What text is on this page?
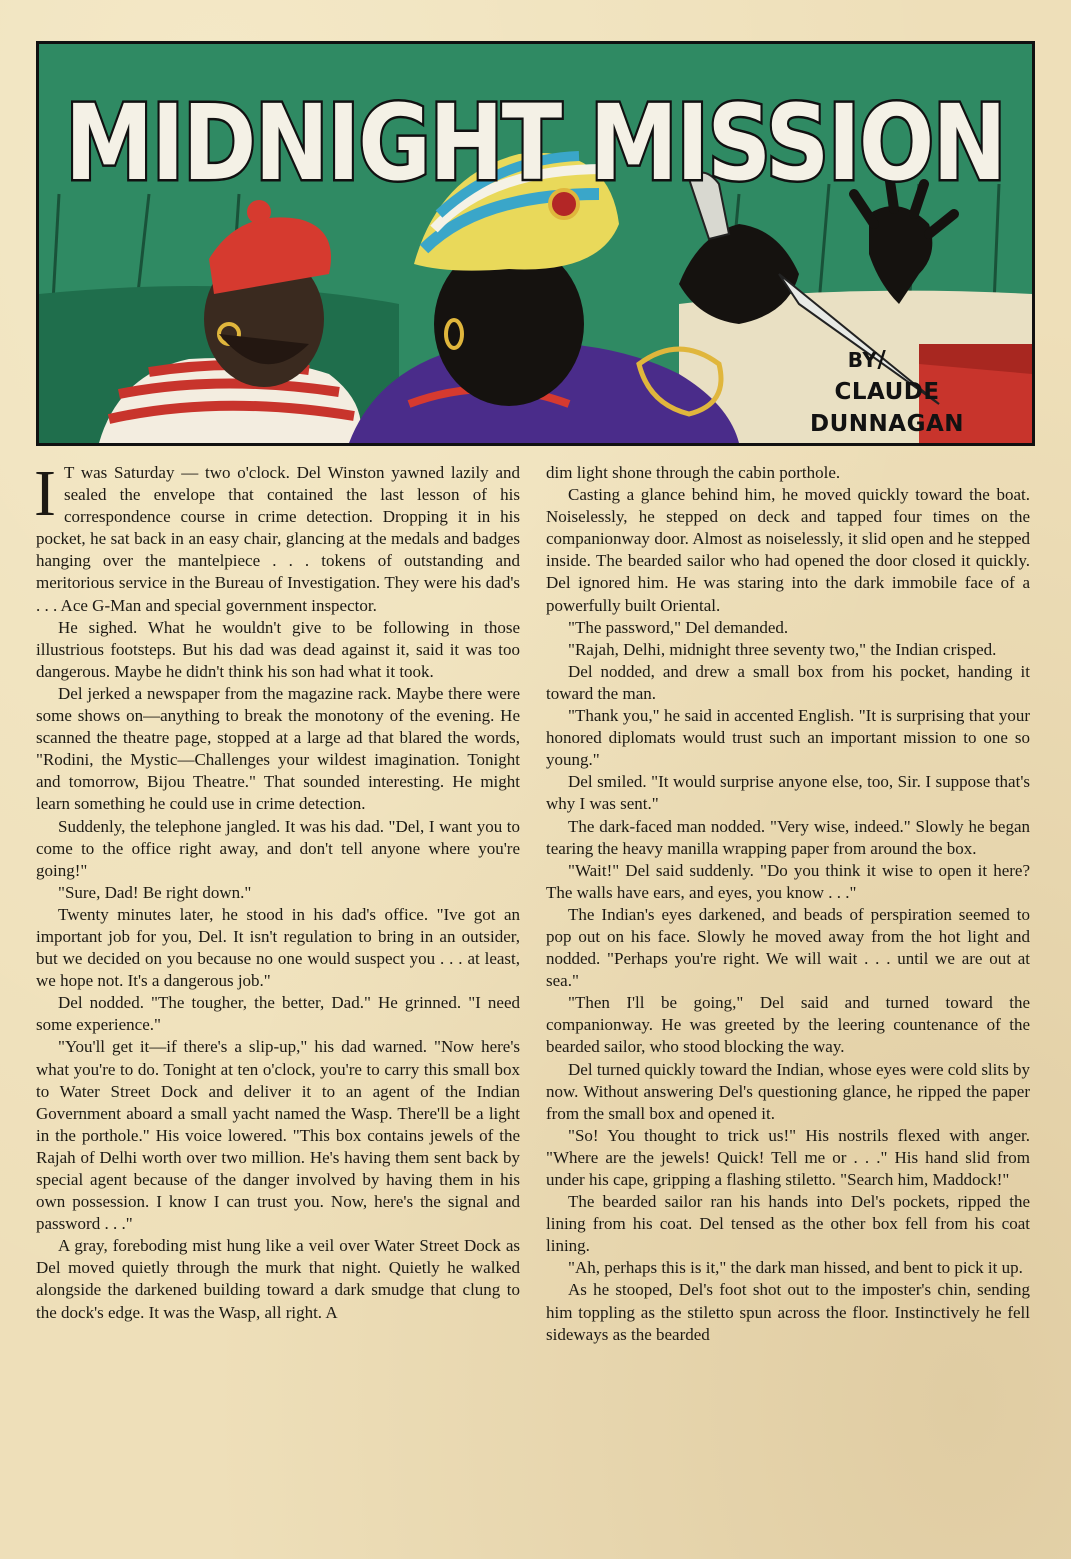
MIDNIGHT MISSION
BY/
CLAUDE
DUNNAGAN

I T was Saturday — two o'clock. Del Winston yawned lazily and sealed the envelope that contained the last lesson of his correspondence course in crime detection. Dropping it in his pocket, he sat back in an easy chair, glancing at the medals and badges hanging over the mantelpiece . . . tokens of outstanding and meritorious service in the Bureau of Investigation. They were his dad's . . . Ace G-Man and special government inspector.

He sighed. What he wouldn't give to be following in those illustrious footsteps. But his dad was dead against it, said it was too dangerous. Maybe he didn't think his son had what it took.

Del jerked a newspaper from the magazine rack. Maybe there were some shows on—anything to break the monotony of the evening. He scanned the theatre page, stopped at a large ad that blared the words, "Rodini, the Mystic—Challenges your wildest imagination. Tonight and tomorrow, Bijou Theatre." That sounded interesting. He might learn something he could use in crime detection.

Suddenly, the telephone jangled. It was his dad. "Del, I want you to come to the office right away, and don't tell anyone where you're going!"

"Sure, Dad! Be right down."

Twenty minutes later, he stood in his dad's office. "Ive got an important job for you, Del. It isn't regulation to bring in an outsider, but we decided on you because no one would suspect you . . . at least, we hope not. It's a dangerous job."

Del nodded. "The tougher, the better, Dad." He grinned. "I need some experience."

"You'll get it—if there's a slip-up," his dad warned. "Now here's what you're to do. Tonight at ten o'clock, you're to carry this small box to Water Street Dock and deliver it to an agent of the Indian Government aboard a small yacht named the Wasp. There'll be a light in the porthole." His voice lowered. "This box contains jewels of the Rajah of Delhi worth over two million. He's having them sent back by special agent because of the danger involved by having them in his own possession. I know I can trust you. Now, here's the signal and password . . ."

A gray, foreboding mist hung like a veil over Water Street Dock as Del moved quietly through the murk that night. Quietly he walked alongside the darkened building toward a dark smudge that clung to the dock's edge. It was the Wasp, all right. A

dim light shone through the cabin porthole.

Casting a glance behind him, he moved quickly toward the boat. Noiselessly, he stepped on deck and tapped four times on the companionway door. Almost as noiselessly, it slid open and he stepped inside. The bearded sailor who had opened the door closed it quickly. Del ignored him. He was staring into the dark immobile face of a powerfully built Oriental.

"The password," Del demanded.

"Rajah, Delhi, midnight three seventy two," the Indian crisped.

Del nodded, and drew a small box from his pocket, handing it toward the man.

"Thank you," he said in accented English. "It is surprising that your honored diplomats would trust such an important mission to one so young."

Del smiled. "It would surprise anyone else, too, Sir. I suppose that's why I was sent."

The dark-faced man nodded. "Very wise, indeed." Slowly he began tearing the heavy manilla wrapping paper from around the box.

"Wait!" Del said suddenly. "Do you think it wise to open it here? The walls have ears, and eyes, you know . . ."

The Indian's eyes darkened, and beads of perspiration seemed to pop out on his face. Slowly he moved away from the hot light and nodded. "Perhaps you're right. We will wait . . . until we are out at sea."

"Then I'll be going," Del said and turned toward the companionway. He was greeted by the leering countenance of the bearded sailor, who stood blocking the way.

Del turned quickly toward the Indian, whose eyes were cold slits by now. Without answering Del's questioning glance, he ripped the paper from the small box and opened it.

"So! You thought to trick us!" His nostrils flexed with anger. "Where are the jewels! Quick! Tell me or . . ." His hand slid from under his cape, gripping a flashing stiletto. "Search him, Maddock!"

The bearded sailor ran his hands into Del's pockets, ripped the lining from his coat. Del tensed as the other box fell from his coat lining.

"Ah, perhaps this is it," the dark man hissed, and bent to pick it up.

As he stooped, Del's foot shot out to the imposter's chin, sending him toppling as the stiletto spun across the floor. Instinctively he fell sideways as the bearded
